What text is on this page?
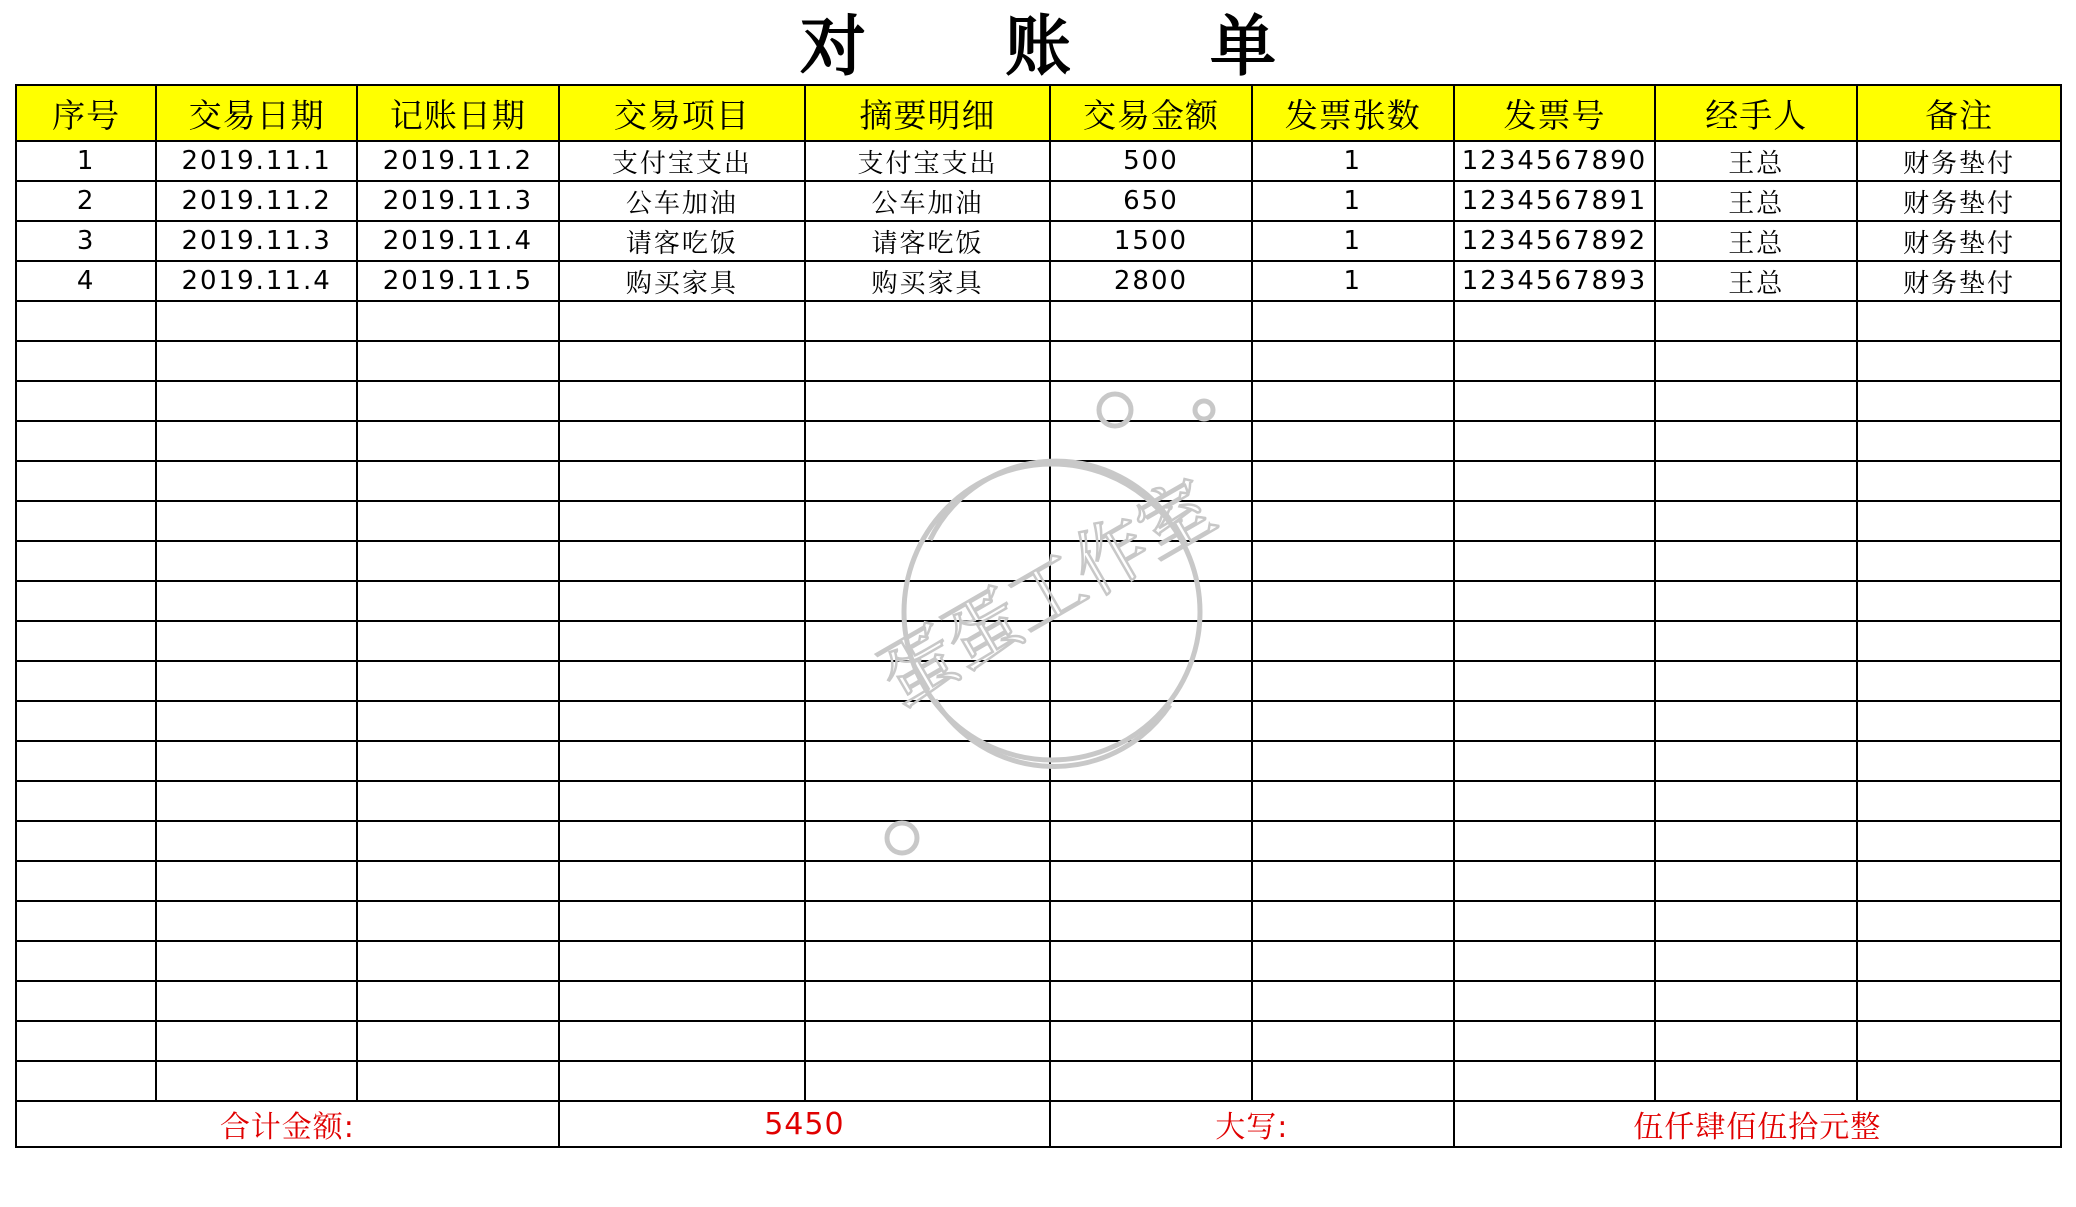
对 账 单
序号	交易日期	记账日期	交易项目	摘要明细	交易金额	发票张数	发票号	经手人	备注
1	2019.11.1	2019.11.2	支付宝支出	支付宝支出	500	1	1234567890	王总	财务垫付
2	2019.11.2	2019.11.3	公车加油	公车加油	650	1	1234567891	王总	财务垫付
3	2019.11.3	2019.11.4	请客吃饭	请客吃饭	1500	1	1234567892	王总	财务垫付
4	2019.11.4	2019.11.5	购买家具	购买家具	2800	1	1234567893	王总	财务垫付

合计金额:			5450		大写:		伍仟肆佰伍拾元整		
蛋蛋工作室
